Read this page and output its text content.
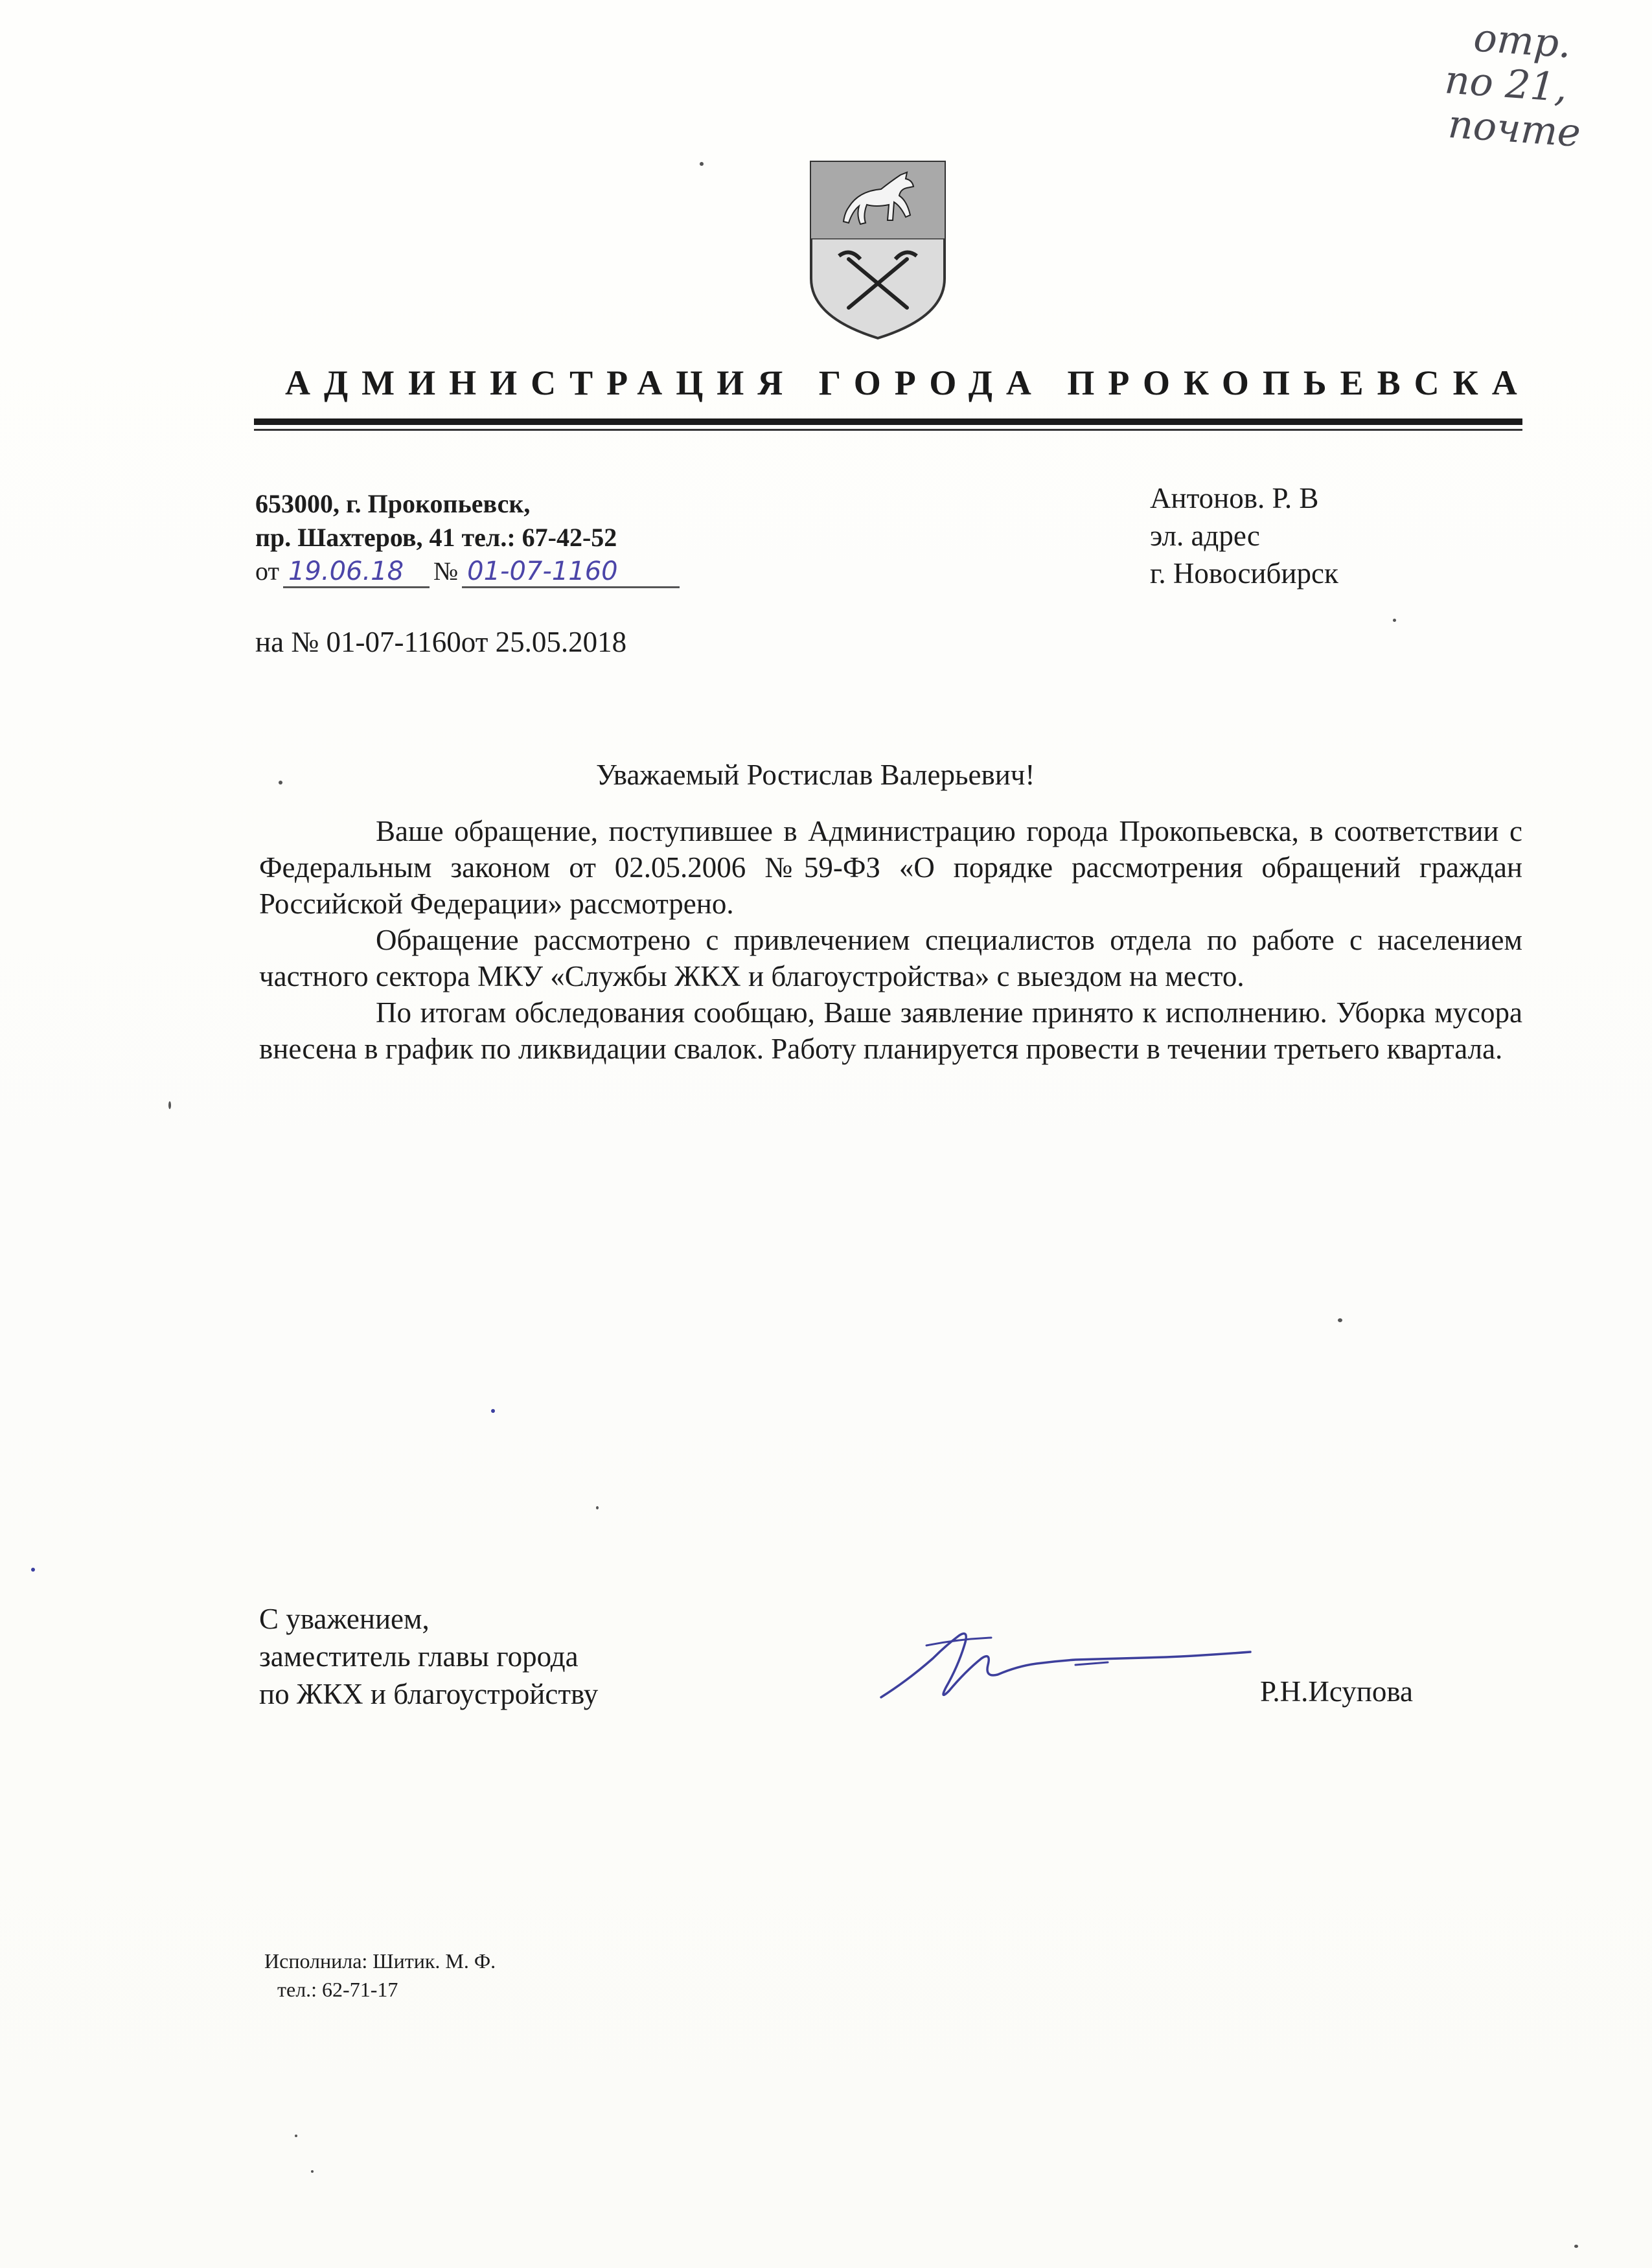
отр.
по 21,
почте
АДМИНИСТРАЦИЯ ГОРОДА ПРОКОПЬЕВСКА
653000, г. Прокопьевск,
пр. Шахтеров, 41 тел.: 67-42-52
от 19.06.18	№ 01-07-1160
на № 01-07-1160от 25.05.2018
Антонов. Р. В
эл. адрес
г. Новосибирск
Уважаемый Ростислав Валерьевич!

Ваше обращение, поступившее в Администрацию города Прокопьевска, в соответствии с Федеральным законом от 02.05.2006 №59-ФЗ «О порядке рассмотрения обращений граждан Российской Федерации» рассмотрено.

Обращение рассмотрено с привлечением специалистов отдела по работе с населением частного сектора МКУ «Службы ЖКХ и благоустройства» с выездом на место.

По итогам обследования сообщаю, Ваше заявление принято к исполнению. Уборка мусора внесена в график по ликвидации свалок. Работу планируется провести в течении третьего квартала.

С уважением,
заместитель главы города
по ЖКХ и благоустройству	Р.Н.Исупова
Исполнила: Шитик. М. Ф.
тел.: 62-71-17
